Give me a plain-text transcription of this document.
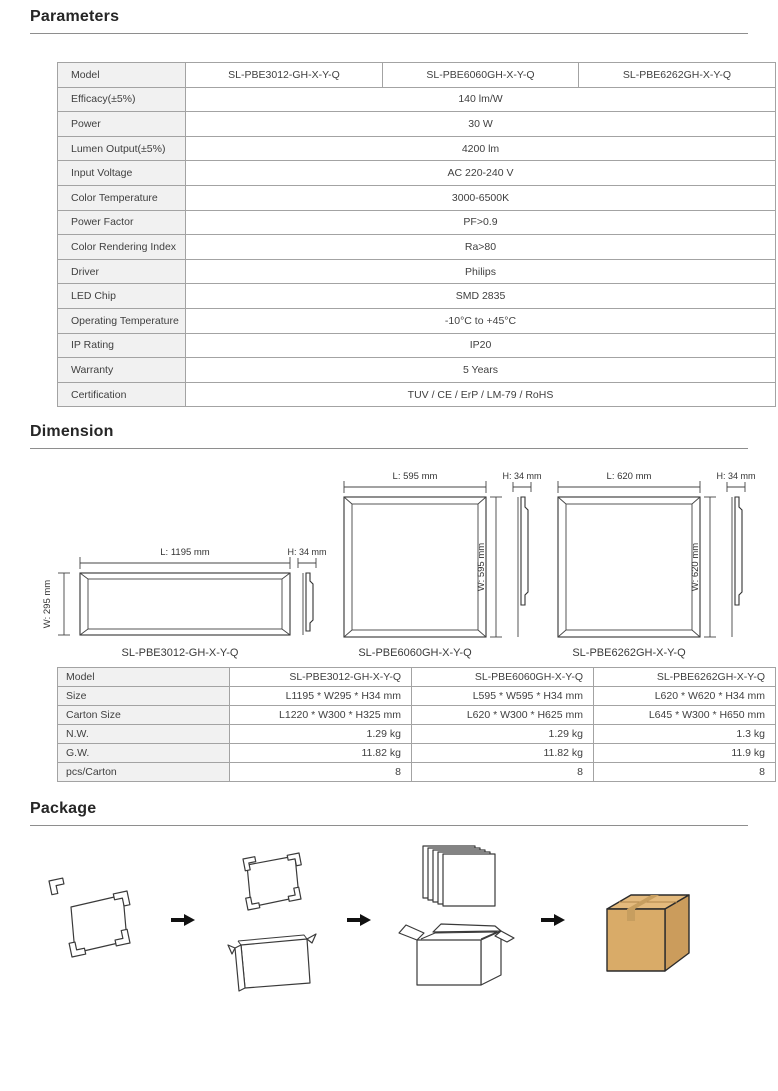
Parameters
Model	SL-PBE3012-GH-X-Y-Q	SL-PBE6060GH-X-Y-Q	SL-PBE6262GH-X-Y-Q
Efficacy(±5%)	140 lm/W		
Power	30 W		
Lumen Output(±5%)	4200 lm		
Input Voltage	AC 220-240 V		
Color Temperature	3000-6500K		
Power Factor	PF>0.9		
Color Rendering Index	Ra>80		
Driver	Philips		
LED Chip	SMD 2835		
Operating Temperature	-10°C to +45°C		
IP Rating	IP20		
Warranty	5 Years		
Certification	TUV / CE / ErP / LM-79 / RoHS		
Dimension
L: 1195 mm
W: 295 mm
H: 34 mm
SL-PBE3012-GH-X-Y-Q
L: 595 mm
W: 595 mm
H: 34 mm
SL-PBE6060GH-X-Y-Q
L: 620 mm
W: 620 mm
H: 34 mm
SL-PBE6262GH-X-Y-Q
Model	SL-PBE3012-GH-X-Y-Q	SL-PBE6060GH-X-Y-Q	SL-PBE6262GH-X-Y-Q
Size	L1195 * W295 * H34 mm	L595 * W595 * H34 mm	L620 * W620 * H34 mm
Carton Size	L1220 * W300 * H325 mm	L620 * W300 * H625 mm	L645 * W300 * H650 mm
N.W.	1.29 kg	1.29 kg	1.3 kg
G.W.	11.82 kg	11.82 kg	11.9 kg
pcs/Carton	8	8	8
Package
